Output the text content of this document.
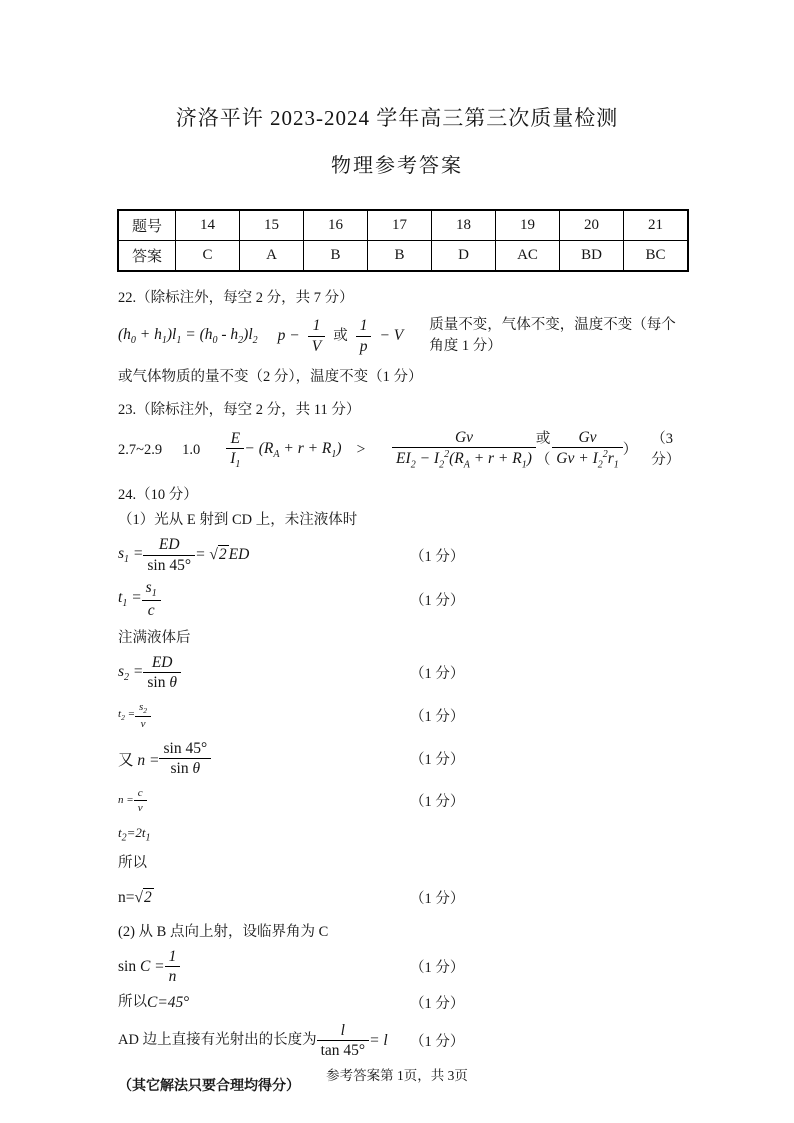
济洛平许 2023-2024 学年高三第三次质量检测
物理参考答案
题号	14	15	16	17	18	19	20	21
答案	C	A	B	B	D	AC	BD	BC

22.（除标注外，每空 2 分，共 7 分）

$(h_0 + h_1)l_1 = (h_0 - h_2)l_2$ $p - \frac{1}{V}$ 或 $\frac{1}{p} - V$
质量不变，气体不变，温度不变（每个角度 1 分）

或气体物质的量不变（2 分），温度不变（1 分）

23.（除标注外，每空 2 分，共 11 分）

2.7~2.9 $1.0 \frac{E}{I_1} - (R_A + r + R_1) > \frac{Gv}{EI_2 - I_2^2(R_A + r + R_1)}$ 或（ $\frac{Gv}{Gv + I_2^2r_1}$ ）
（3 分）

24.（10 分）

（1）光从 E 射到 CD 上，未注液体时

$s_1 = \frac{ED}{\sin 45^\circ} = √2$ ED	（1 分）
$t_1 = \frac{s_1}{c}$	（1 分）

注满液体后

$s_2 = \frac{ED}{\text{sin θ}}$	（1 分）
$t_2 = \frac{s_2}{v}$	（1 分）
又 $n = \frac{\sin 45^\circ}{\text{sin θ}}$	（1 分）
$n = \frac{c}{v}$	（1 分）

$t_2=2t_1$

所以

n=√2	（1 分）

(2) 从 B 点向上射，设临界角为 C

$\sin C = \frac{1}{n}$	（1 分）
所以 C=45°	（1 分）
AD 边上直接有光射出的长度为 $\frac{l}{\tan 45^\circ} = l$ （1 分）

（其它解法只要合理均得分）

参考答案第 1页，共 3页
